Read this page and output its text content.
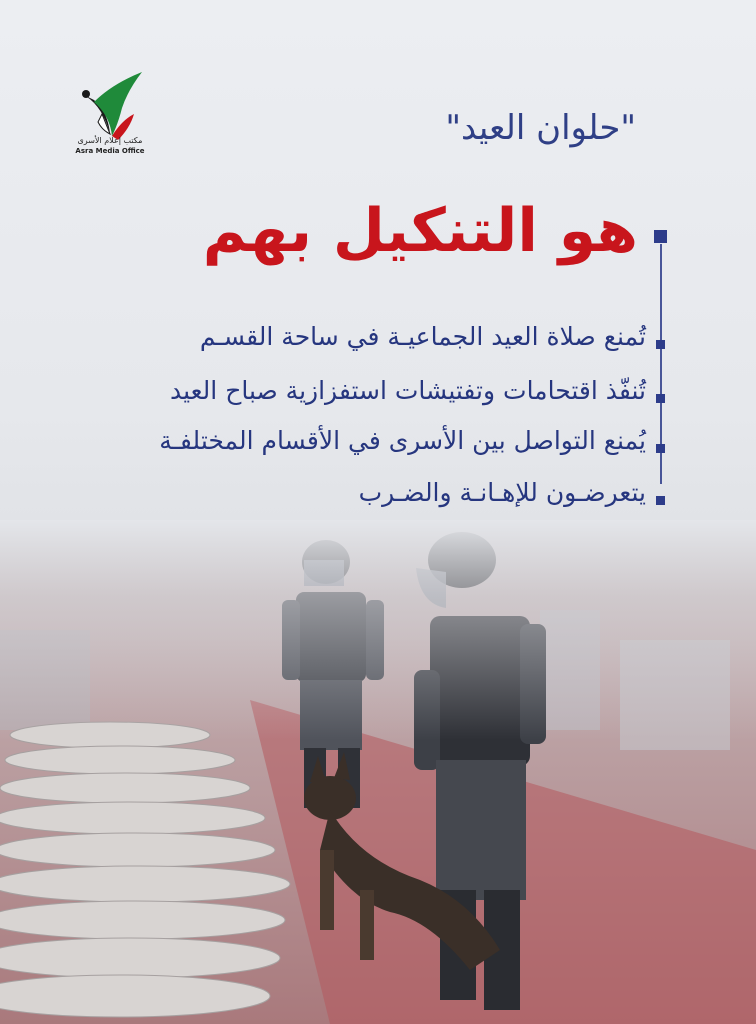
مكتب إعلام الأسرى
Asra Media Office
"حلوان العيد"
هو التنكيل بهم
تُمنع صلاة العيد الجماعيـة في ساحة القسـم
تُنفّذ اقتحامات وتفتيشات استفزازية صباح العيد
يُمنع التواصل بين الأسرى في الأقسام المختلفـة
يتعرضـون للإهـانـة والضـرب
